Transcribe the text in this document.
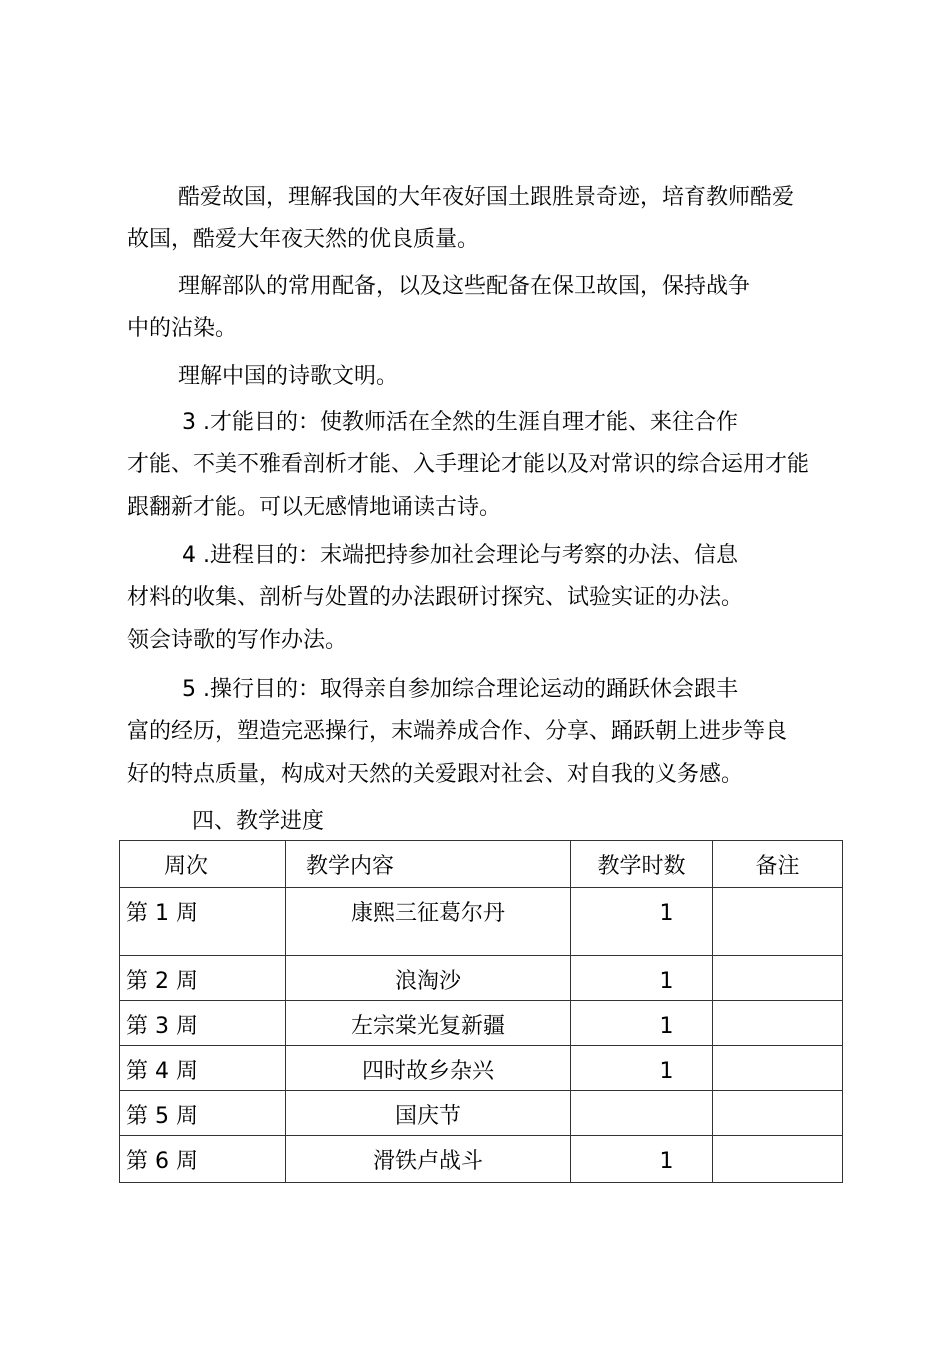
酷爱故国，理解我国的大年夜好国土跟胜景奇迹，培育教师酷爱
故国，酷爱大年夜天然的优良质量。
理解部队的常用配备，以及这些配备在保卫故国，保持战争
中的沾染。
理解中国的诗歌文明。
3 .才能目的：使教师活在全然的生涯自理才能、来往合作
才能、不美不雅看剖析才能、入手理论才能以及对常识的综合运用才能
跟翻新才能。可以无感情地诵读古诗。
4 .进程目的：末端把持参加社会理论与考察的办法、信息
材料的收集、剖析与处置的办法跟研讨探究、试验实证的办法。
领会诗歌的写作办法。
5 .操行目的：取得亲自参加综合理论运动的踊跃休会跟丰
富的经历，塑造完恶操行，末端养成合作、分享、踊跃朝上进步等良
好的特点质量，构成对天然的关爱跟对社会、对自我的义务感。
四、教学进度
周次	教学内容	教学时数	备注

第 1 周	康熙三征葛尔丹	1	

第 2 周	浪淘沙	1	

第 3 周	左宗棠光复新疆	1	

第 4 周	四时故乡杂兴	1	

第 5 周	国庆节		

第 6 周	滑铁卢战斗	1	
